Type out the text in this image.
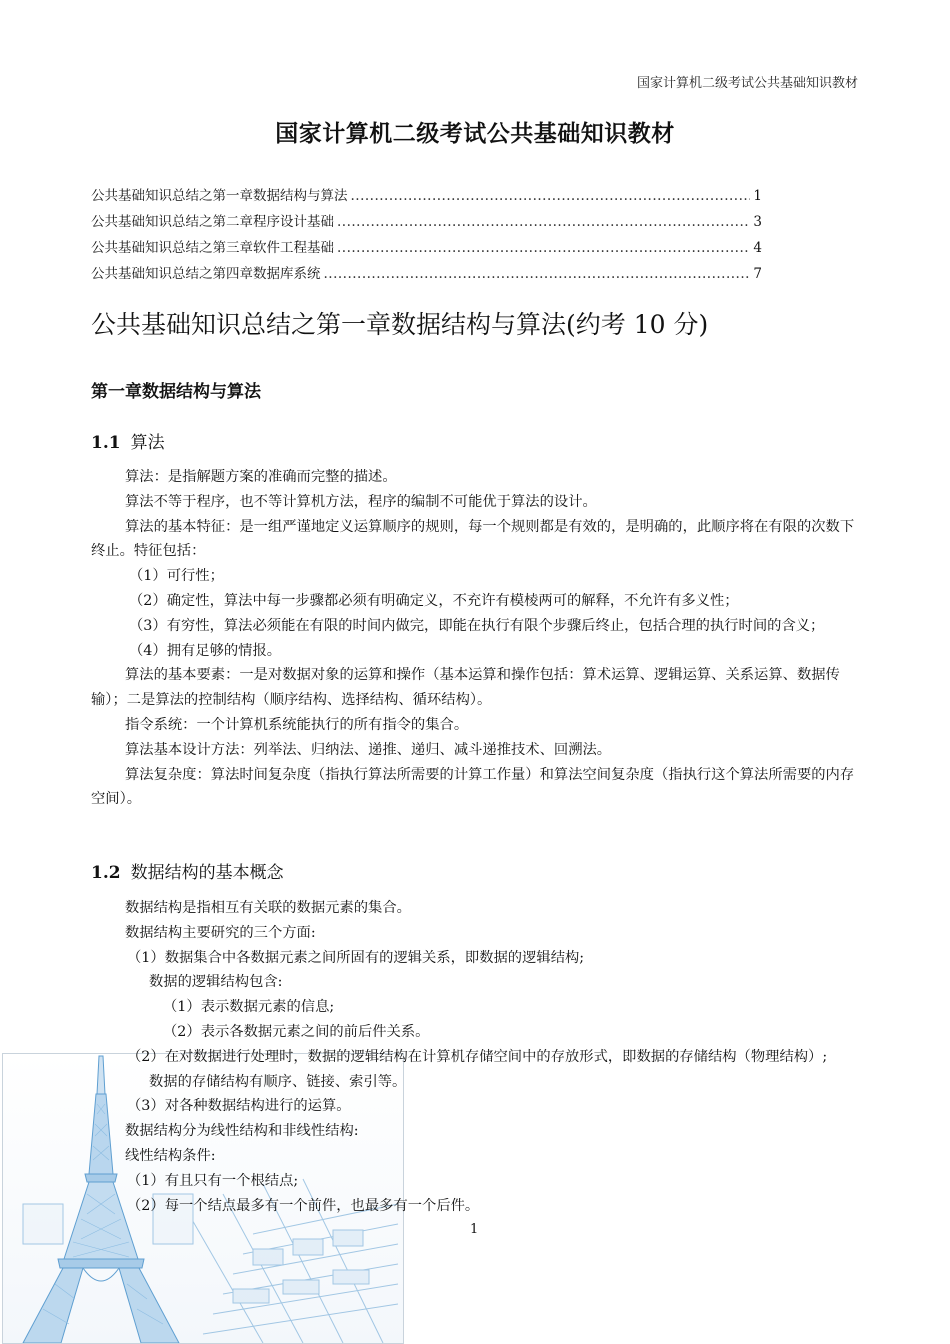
国家计算机二级考试公共基础知识教材
国家计算机二级考试公共基础知识教材
公共基础知识总结之第一章数据结构与算法 .....	1
公共基础知识总结之第二章程序设计基础 .....	3
公共基础知识总结之第三章软件工程基础 .....	4
公共基础知识总结之第四章数据库系统 .....	7
公共基础知识总结之第一章数据结构与算法(约考 10 分)
第一章数据结构与算法
1.1 算法

算法：是指解题方案的准确而完整的描述。

算法不等于程序，也不等计算机方法，程序的编制不可能优于算法的设计。

算法的基本特征：是一组严谨地定义运算顺序的规则，每一个规则都是有效的，是明确的，此顺序将在有限的次数下终止。特征包括：

（1）可行性；

（2）确定性，算法中每一步骤都必须有明确定义，不充许有模棱两可的解释，不允许有多义性；

（3）有穷性，算法必须能在有限的时间内做完，即能在执行有限个步骤后终止，包括合理的执行时间的含义；

（4）拥有足够的情报。

算法的基本要素：一是对数据对象的运算和操作（基本运算和操作包括：算术运算、逻辑运算、关系运算、数据传输）；二是算法的控制结构（顺序结构、选择结构、循环结构）。

指令系统：一个计算机系统能执行的所有指令的集合。

算法基本设计方法：列举法、归纳法、递推、递归、减斗递推技术、回溯法。

算法复杂度：算法时间复杂度（指执行算法所需要的计算工作量）和算法空间复杂度（指执行这个算法所需要的内存空间）。

1.2 数据结构的基本概念

数据结构是指相互有关联的数据元素的集合。

数据结构主要研究的三个方面:

（1）数据集合中各数据元素之间所固有的逻辑关系，即数据的逻辑结构;

数据的逻辑结构包含:

（1）表示数据元素的信息;

（2）表示各数据元素之间的前后件关系。

（2）在对数据进行处理时，数据的逻辑结构在计算机存储空间中的存放形式，即数据的存储结构（物理结构）;

数据的存储结构有顺序、链接、索引等。

（3）对各种数据结构进行的运算。

数据结构分为线性结构和非线性结构:

线性结构条件:

（1）有且只有一个根结点;

（2）每一个结点最多有一个前件，也最多有一个后件。

1
